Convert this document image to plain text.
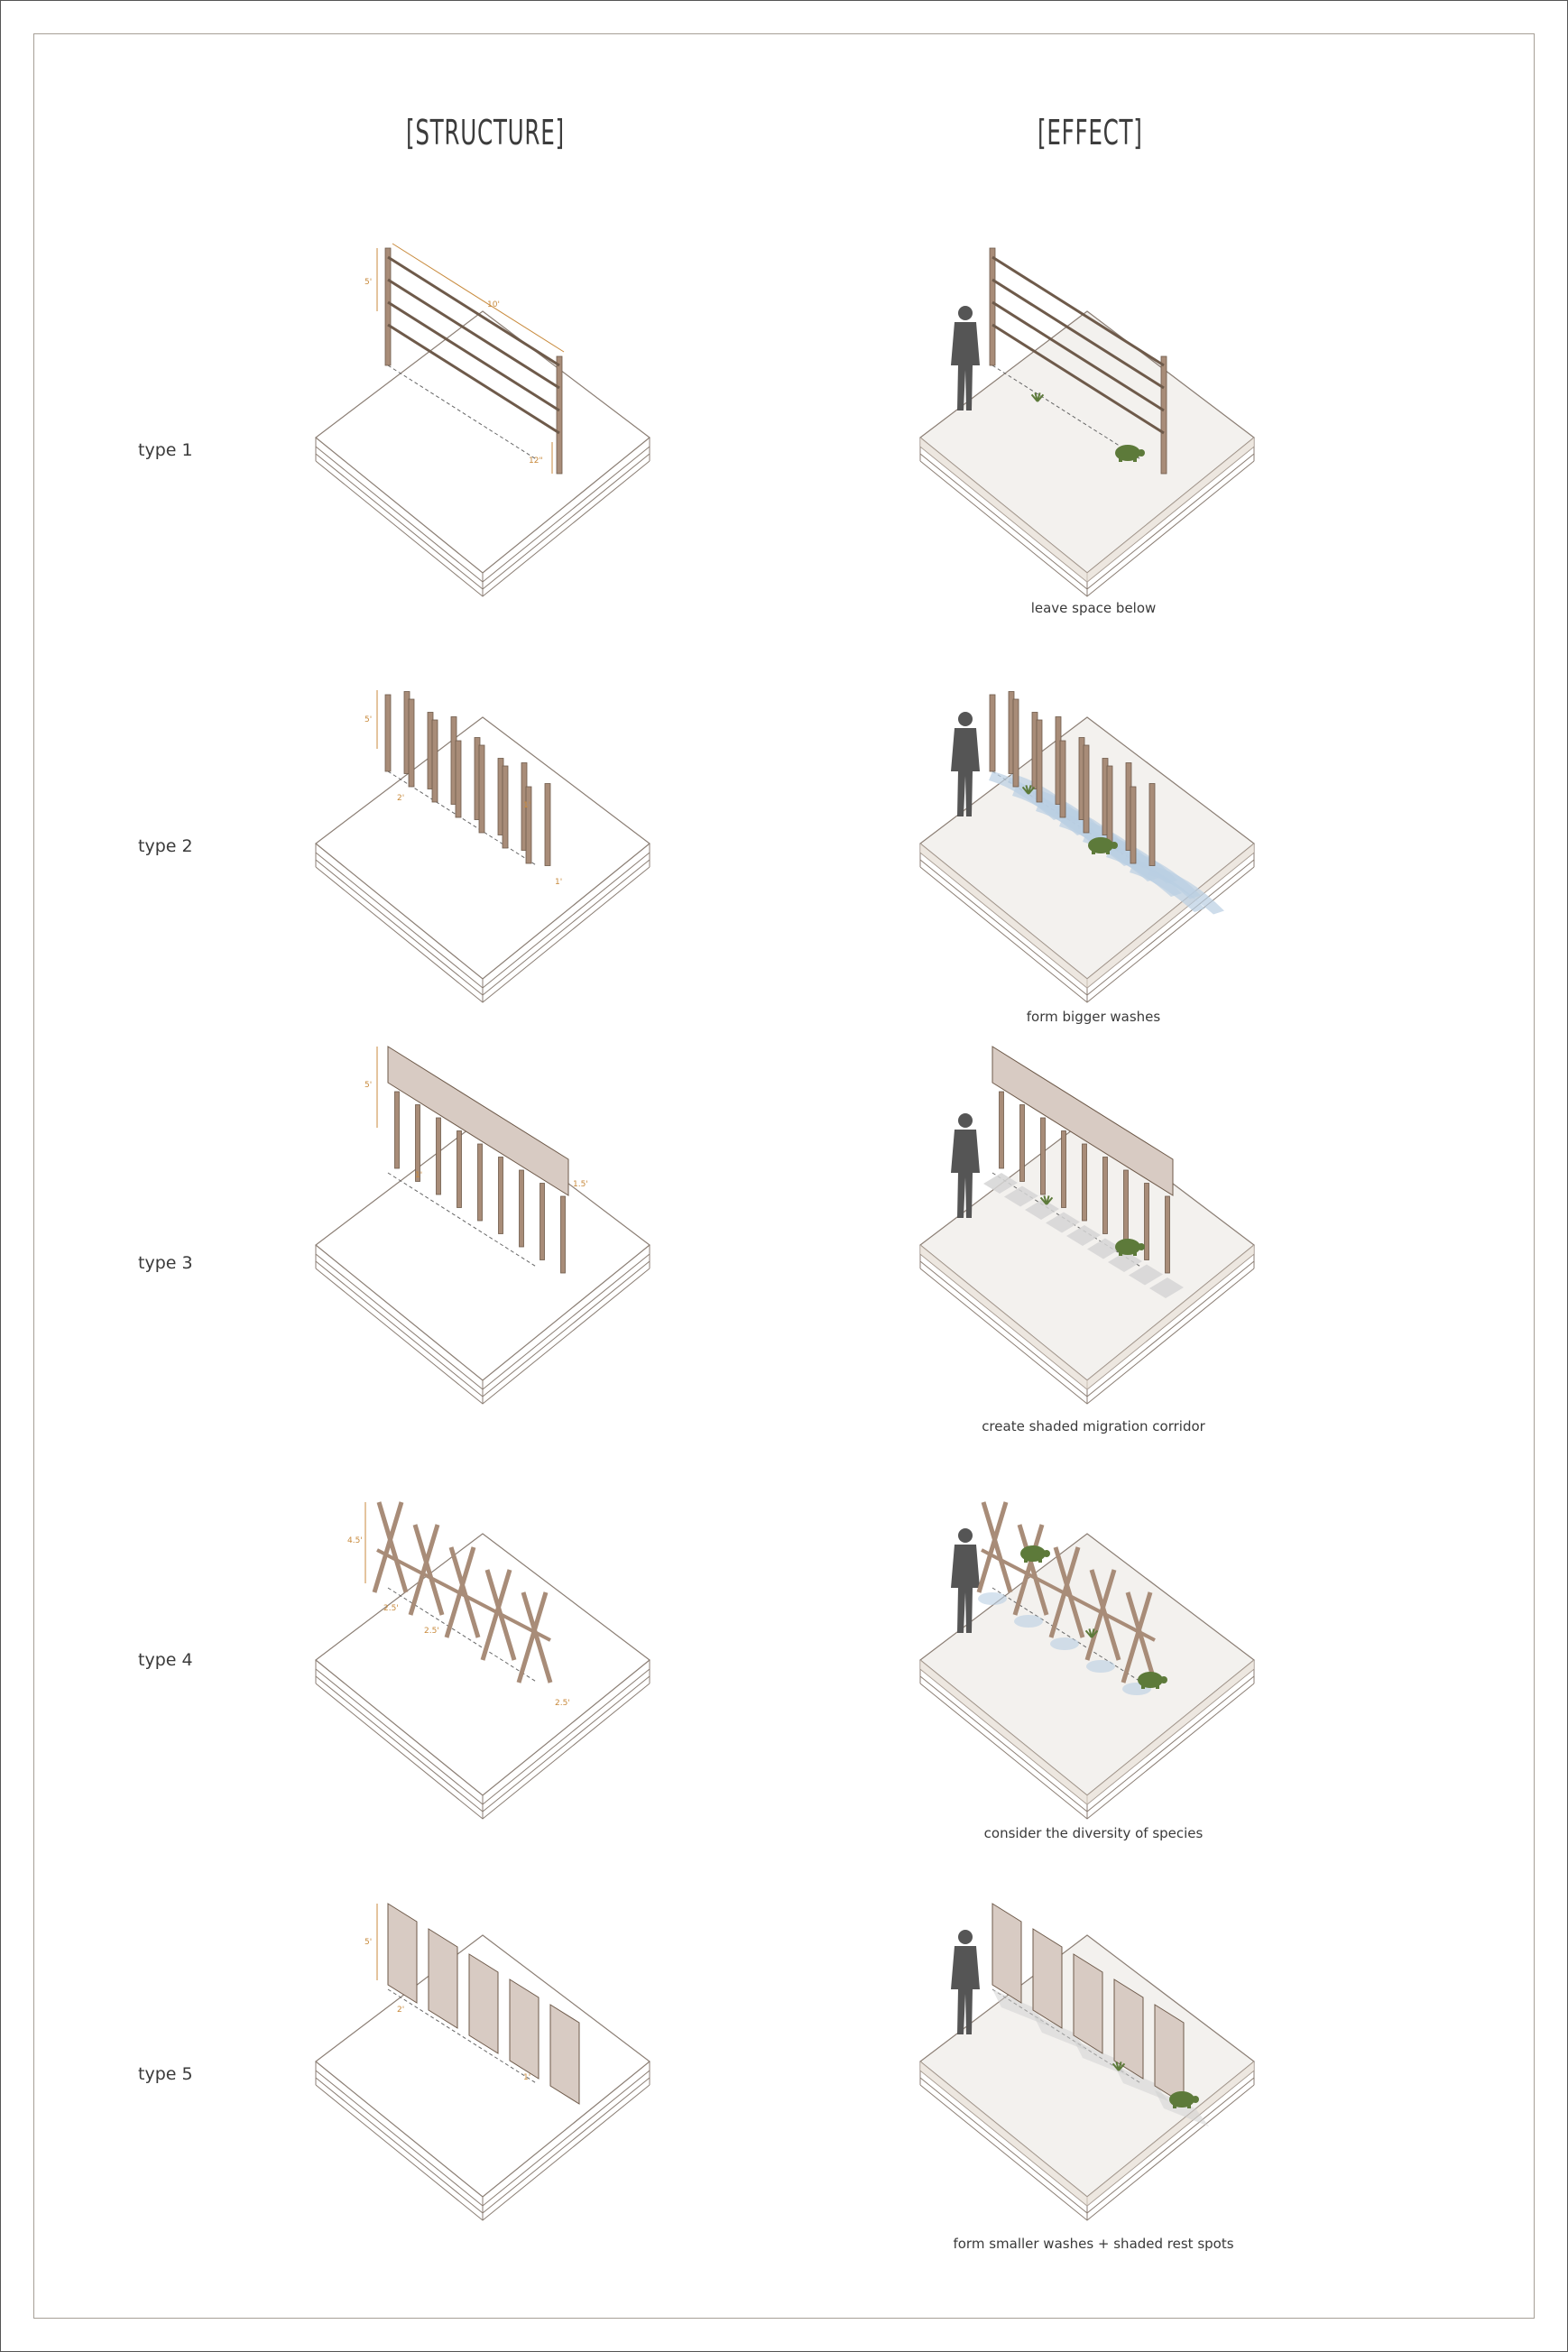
[STRUCTURE]	[EFFECT]
type 1
type 2
type 3
type 4
type 5
leave space below
form bigger washes
create shaded migration corridor
consider the diversity of species
form smaller washes + shaded rest spots
5'
10'
12"
5'
2'
1'
1'
5'
1'
1.5'
4.5'
2.5'
2.5'
2.5'
5'
2'
1'
